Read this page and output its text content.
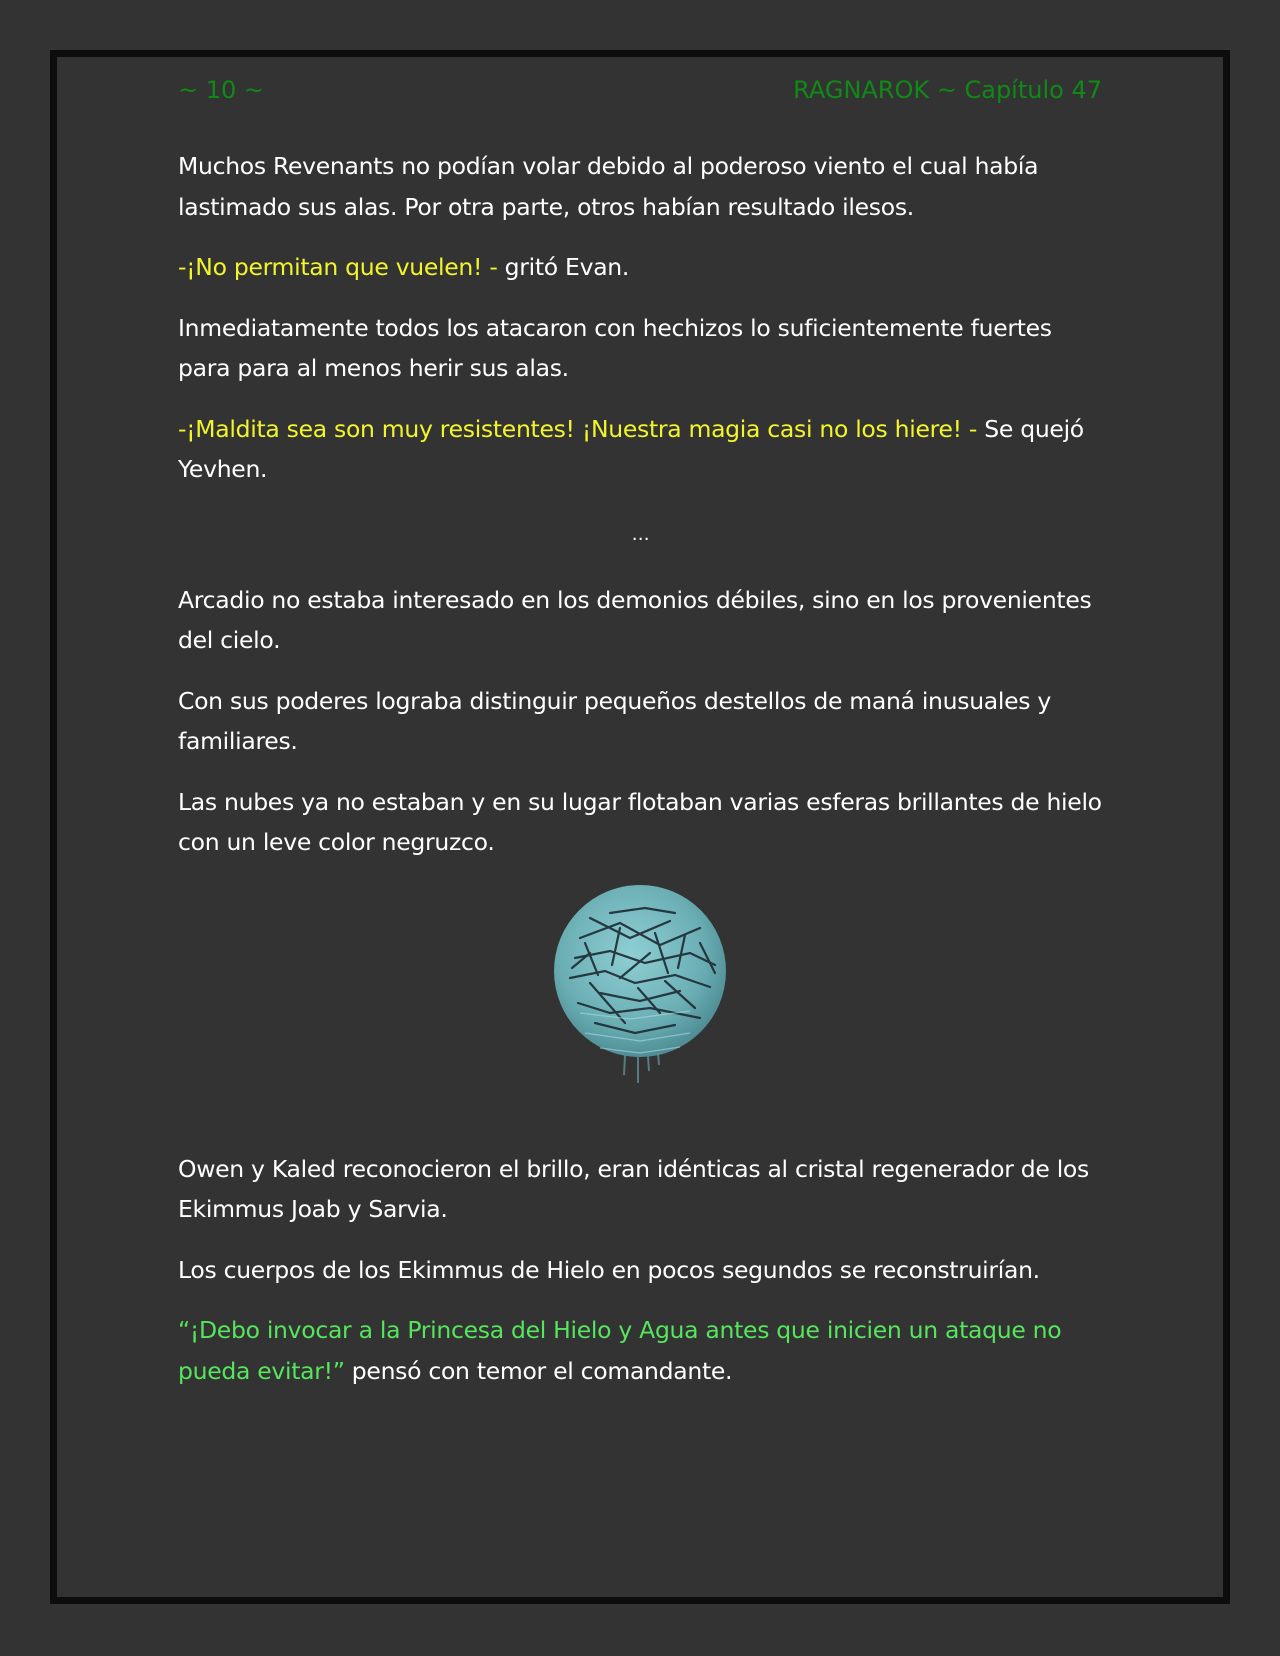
~ 10 ~	RAGNAROK ~ Capítulo 47

Muchos Revenants no podían volar debido al poderoso viento el cual había lastimado sus alas. Por otra parte, otros habían resultado ilesos.

-¡No permitan que vuelen! - gritó Evan.

Inmediatamente todos los atacaron con hechizos lo suficientemente fuertes para para al menos herir sus alas.

-¡Maldita sea son muy resistentes! ¡Nuestra magia casi no los hiere! - Se quejó Yevhen.

…

Arcadio no estaba interesado en los demonios débiles, sino en los provenientes del cielo.

Con sus poderes lograba distinguir pequeños destellos de maná inusuales y familiares.

Las nubes ya no estaban y en su lugar flotaban varias esferas brillantes de hielo con un leve color negruzco.

Owen y Kaled reconocieron el brillo, eran idénticas al cristal regenerador de los Ekimmus Joab y Sarvia.

Los cuerpos de los Ekimmus de Hielo en pocos segundos se reconstruirían.

“¡Debo invocar a la Princesa del Hielo y Agua antes que inicien un ataque no pueda evitar!” pensó con temor el comandante.
